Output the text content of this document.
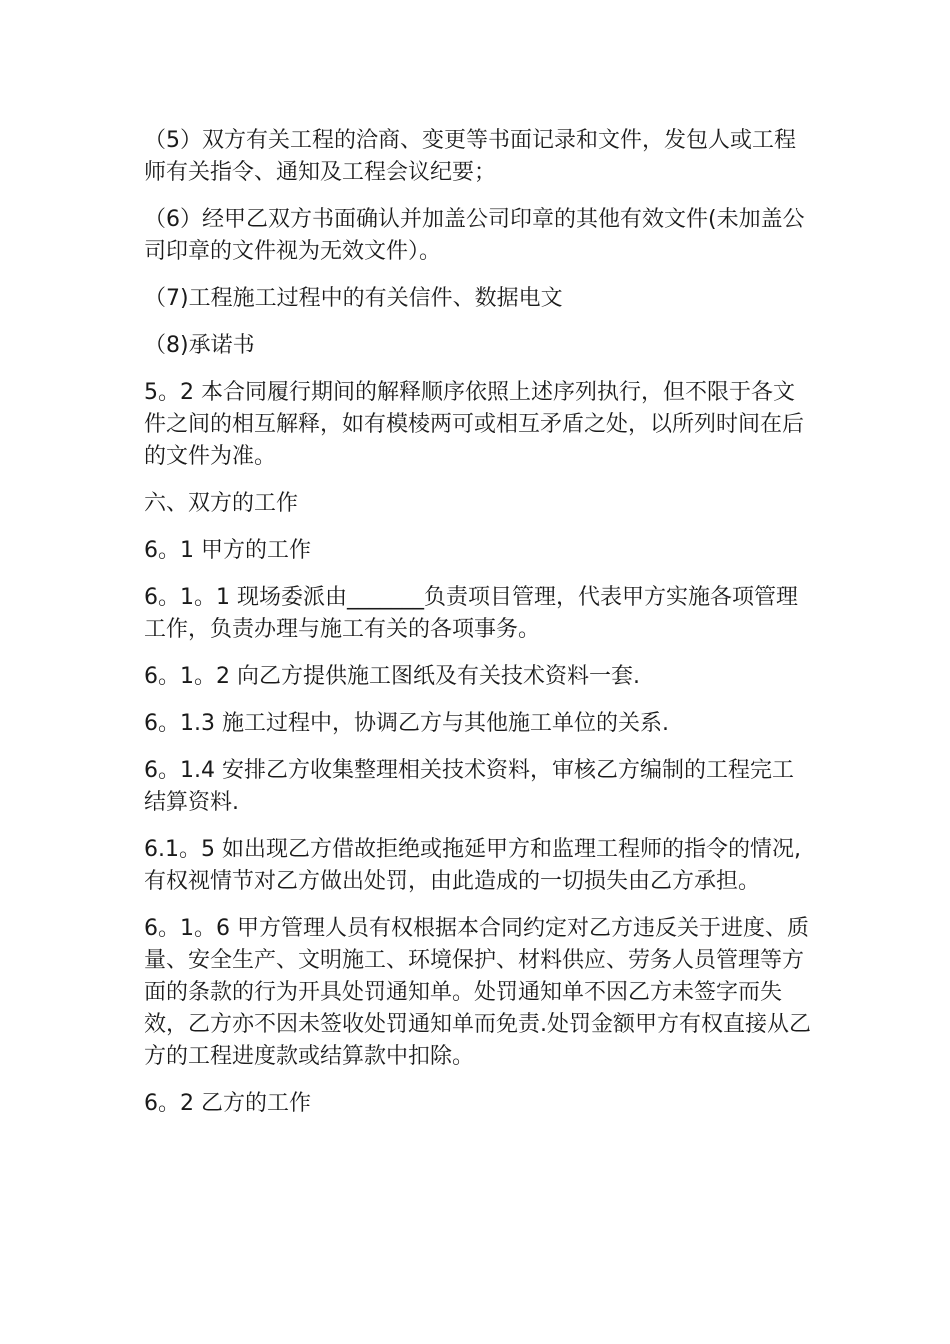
（5）双方有关工程的洽商、变更等书面记录和文件，发包人或工程师有关指令、通知及工程会议纪要；

（6）经甲乙双方书面确认并加盖公司印章的其他有效文件(未加盖公司印章的文件视为无效文件）。

（7)工程施工过程中的有关信件、数据电文

（8)承诺书

5。2 本合同履行期间的解释顺序依照上述序列执行，但不限于各文件之间的相互解释，如有模棱两可或相互矛盾之处，以所列时间在后的文件为准。

六、双方的工作

6。1 甲方的工作

6。1。1 现场委派由_______负责项目管理，代表甲方实施各项管理工作，负责办理与施工有关的各项事务。

6。1。2 向乙方提供施工图纸及有关技术资料一套.

6。1.3 施工过程中，协调乙方与其他施工单位的关系.

6。1.4 安排乙方收集整理相关技术资料，审核乙方编制的工程完工结算资料.

6.1。5 如出现乙方借故拒绝或拖延甲方和监理工程师的指令的情况,有权视情节对乙方做出处罚，由此造成的一切损失由乙方承担。

6。1。6 甲方管理人员有权根据本合同约定对乙方违反关于进度、质量、安全生产、文明施工、环境保护、材料供应、劳务人员管理等方面的条款的行为开具处罚通知单。处罚通知单不因乙方未签字而失效，乙方亦不因未签收处罚通知单而免责.处罚金额甲方有权直接从乙方的工程进度款或结算款中扣除。

6。2 乙方的工作
